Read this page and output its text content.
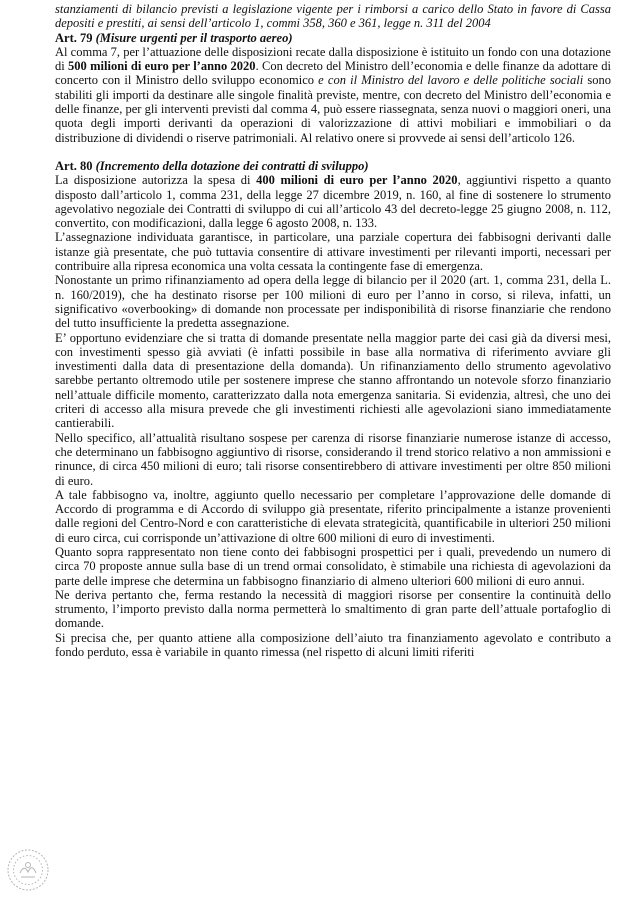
stanziamenti di bilancio previsti a legislazione vigente per i rimborsi a carico dello Stato in favore di Cassa depositi e prestiti, ai sensi dell’articolo 1, commi 358, 360 e 361, legge n. 311 del 2004

Art. 79 (Misure urgenti per il trasporto aereo)

Al comma 7, per l’attuazione delle disposizioni recate dalla disposizione è istituito un fondo con una dotazione di 500 milioni di euro per l’anno 2020. Con decreto del Ministro dell’economia e delle finanze da adottare di concerto con il Ministro dello sviluppo economico e con il Ministro del lavoro e delle politiche sociali sono stabiliti gli importi da destinare alle singole finalità previste, mentre, con decreto del Ministro dell’economia e delle finanze, per gli interventi previsti dal comma 4, può essere riassegnata, senza nuovi o maggiori oneri, una quota degli importi derivanti da operazioni di valorizzazione di attivi mobiliari e immobiliari o da distribuzione di dividendi o riserve patrimoniali. Al relativo onere si provvede ai sensi dell’articolo 126.

Art. 80 (Incremento della dotazione dei contratti di sviluppo)

La disposizione autorizza la spesa di 400 milioni di euro per l’anno 2020, aggiuntivi rispetto a quanto disposto dall’articolo 1, comma 231, della legge 27 dicembre 2019, n. 160, al fine di sostenere lo strumento agevolativo negoziale dei Contratti di sviluppo di cui all’articolo 43 del decreto-legge 25 giugno 2008, n. 112, convertito, con modificazioni, dalla legge 6 agosto 2008, n. 133.

L’assegnazione individuata garantisce, in particolare, una parziale copertura dei fabbisogni derivanti dalle istanze già presentate, che può tuttavia consentire di attivare investimenti per rilevanti importi, necessari per contribuire alla ripresa economica una volta cessata la contingente fase di emergenza.

Nonostante un primo rifinanziamento ad opera della legge di bilancio per il 2020 (art. 1, comma 231, della L. n. 160/2019), che ha destinato risorse per 100 milioni di euro per l’anno in corso, si rileva, infatti, un significativo «overbooking» di domande non processate per indisponibilità di risorse finanziarie che rendono del tutto insufficiente la predetta assegnazione.

E’ opportuno evidenziare che si tratta di domande presentate nella maggior parte dei casi già da diversi mesi, con investimenti spesso già avviati (è infatti possibile in base alla normativa di riferimento avviare gli investimenti dalla data di presentazione della domanda). Un rifinanziamento dello strumento agevolativo sarebbe pertanto oltremodo utile per sostenere imprese che stanno affrontando un notevole sforzo finanziario nell’attuale difficile momento, caratterizzato dalla nota emergenza sanitaria. Si evidenzia, altresì, che uno dei criteri di accesso alla misura prevede che gli investimenti richiesti alle agevolazioni siano immediatamente cantierabili.

Nello specifico, all’attualità risultano sospese per carenza di risorse finanziarie numerose istanze di accesso, che determinano un fabbisogno aggiuntivo di risorse, considerando il trend storico relativo a non ammissioni e rinunce, di circa 450 milioni di euro; tali risorse consentirebbero di attivare investimenti per oltre 850 milioni di euro.

A tale fabbisogno va, inoltre, aggiunto quello necessario per completare l’approvazione delle domande di Accordo di programma e di Accordo di sviluppo già presentate, riferito principalmente a istanze provenienti dalle regioni del Centro-Nord e con caratteristiche di elevata strategicità, quantificabile in ulteriori 250 milioni di euro circa, cui corrisponde un’attivazione di oltre 600 milioni di euro di investimenti.

Quanto sopra rappresentato non tiene conto dei fabbisogni prospettici per i quali, prevedendo un numero di circa 70 proposte annue sulla base di un trend ormai consolidato, è stimabile una richiesta di agevolazioni da parte delle imprese che determina un fabbisogno finanziario di almeno ulteriori 600 milioni di euro annui.

Ne deriva pertanto che, ferma restando la necessità di maggiori risorse per consentire la continuità dello strumento, l’importo previsto dalla norma permetterà lo smaltimento di gran parte dell’attuale portafoglio di domande.

Si precisa che, per quanto attiene alla composizione dell’aiuto tra finanziamento agevolato e contributo a fondo perduto, essa è variabile in quanto rimessa (nel rispetto di alcuni limiti riferiti
